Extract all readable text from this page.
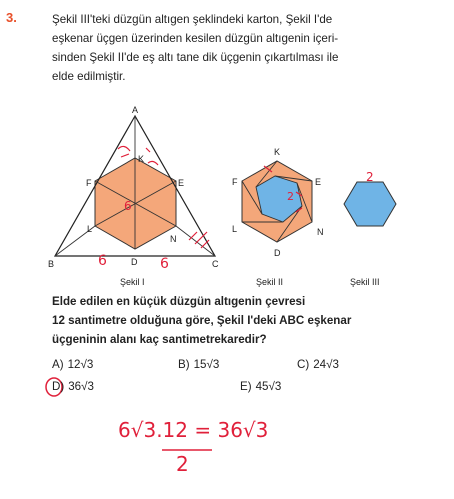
3.	Şekil III'teki düzgün altıgen şeklindeki karton, Şekil I'de
eşkenar üçgen üzerinden kesilen düzgün altıgenin içeri-
sinden Şekil II'de eş altı tane dik üçgenin çıkartılması ile
elde edilmiştir.
A
B	C
D
E
F
K
L
N
Şekil I
K
E
F
L	N
D
Şekil II	Şekil III
6	6
6
2
2
Elde edilen en küçük düzgün altıgenin çevresi
12 santimetre olduğuna göre, Şekil I'deki ABC eşkenar
üçgeninin alanı kaç santimetrekaredir?
A) 12√3	B) 15√3	C) 24√3
D) 36√3	E) 45√3
6√3.12 = 36√3
2
